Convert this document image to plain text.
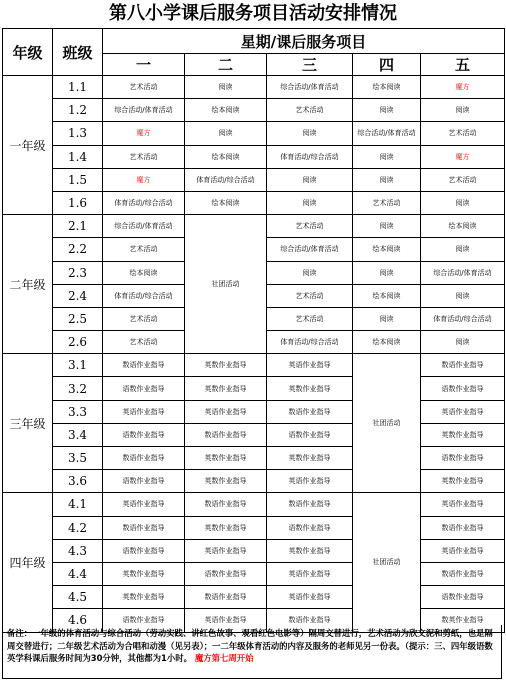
第八小学课后服务项目活动安排情况
年级	班级	星期/课后服务项目				
		一	二	三	四	五
一年级	1.1	艺术活动	阅读	综合活动/体育活动	绘本阅读	魔方
	1.2	综合活动/体育活动	绘本阅读	艺术活动	阅读	阅读
	1.3	魔方	阅读	阅读	综合活动/体育活动	艺术活动
	1.4	艺术活动	绘本阅读	体育活动/综合活动	阅读	魔方
	1.5	魔方	体育活动/综合活动	阅读	阅读	艺术活动
	1.6	体育活动/综合活动	绘本阅读	阅读	艺术活动	阅读
二年级	2.1	综合活动/体育活动	社团活动	艺术活动	阅读	绘本阅读
	2.2	艺术活动		综合活动/体育活动	绘本阅读	阅读
	2.3	绘本阅读		阅读	阅读	综合活动/体育活动
	2.4	体育活动/综合活动		艺术活动	绘本阅读	阅读
	2.5	艺术活动		艺术活动	阅读	体育活动/综合活动
	2.6	艺术活动		体育活动/综合活动	绘本阅读	阅读
三年级	3.1	数语作业指导	英数作业指导	英语作业指导	社团活动	数语作业指导
	3.2	语数作业指导	英数作业指导	英数作业指导		语数作业指导
	3.3	英语作业指导	英语作业指导	数语作业指导		英语作业指导
	3.4	语数作业指导	数语作业指导	语数作业指导		英数作业指导
	3.5	数语作业指导	英数作业指导	英数作业指导		语数作业指导
	3.6	语数作业指导	英数作业指导	英语作业指导		英数作业指导
四年级	4.1	英语作业指导	数语作业指导	数语作业指导	社团活动	英语作业指导
	4.2	数语作业指导	英数作业指导	语数作业指导		数语作业指导
	4.3	语数作业指导	英语作业指导	英数作业指导		英语作业指导
	4.4	英数作业指导	语数作业指导	英语作业指导		数语作业指导
	4.5	英数作业指导	数语作业指导	英语作业指导		语数作业指导
	4.6	语数作业指导	英语作业指导	数语作业指导		数英作业指导
备注：一年级的体育活动与综合活动（劳动实践、讲红色故事、观看红色电影等）隔周交替进行，艺术活动为欣文泥和剪纸，也是隔周交替进行；二年级艺术活动为合唱和动漫（见另表）；一二年级体育活动的内容及服务的老师见另一份表。（提示：三、四年级语数英学科课后服务时间为30分钟，其他都为1小时。 魔方第七周开始
